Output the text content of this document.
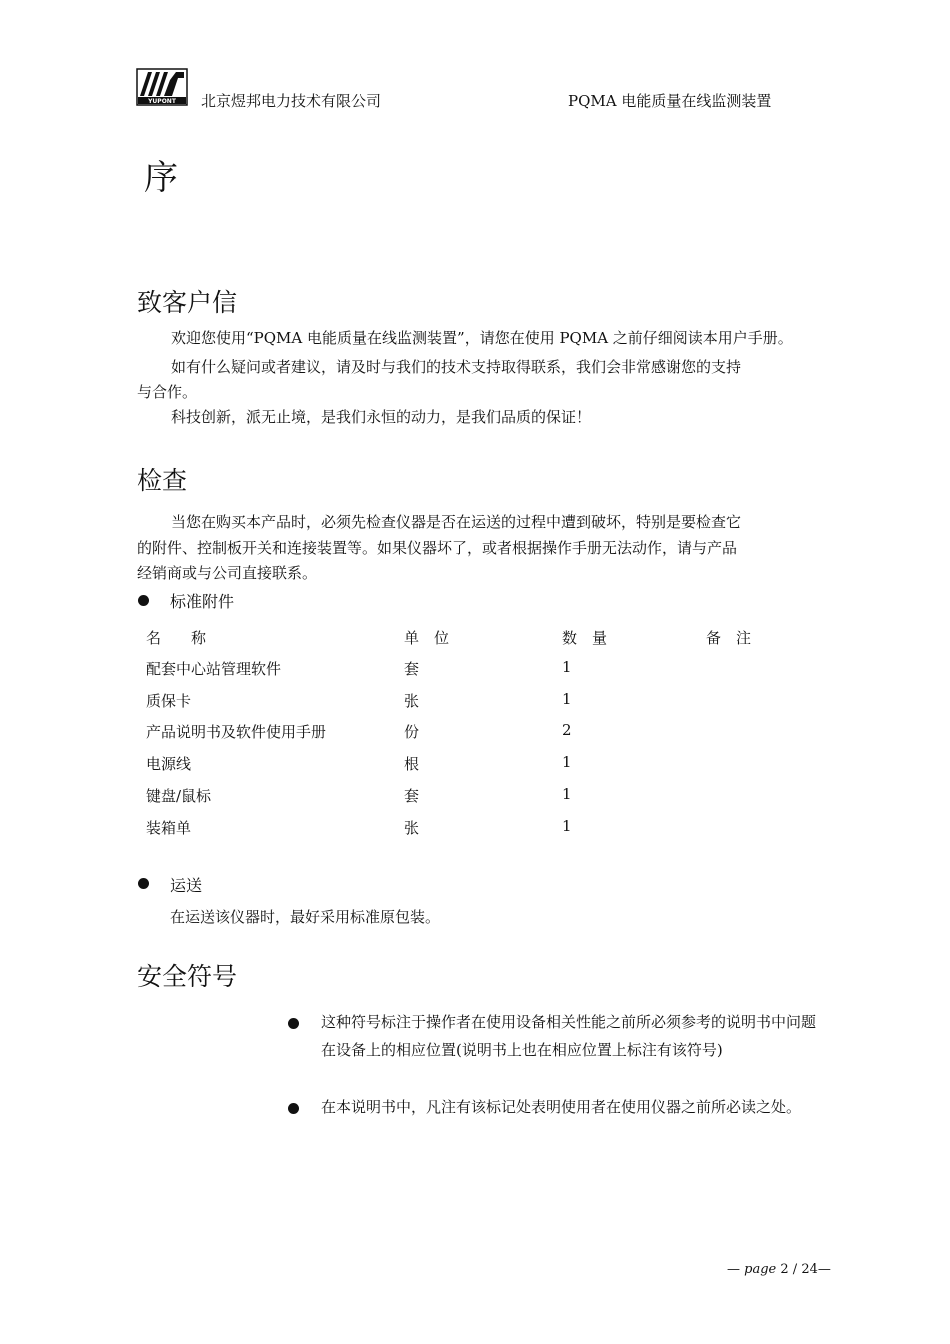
YUPONT 北京煜邦电力技术有限公司	PQMA 电能质量在线监测装置
序
致客户信
欢迎您使用“PQMA 电能质量在线监测装置”，请您在使用 PQMA 之前仔细阅读本用户手册。
如有什么疑问或者建议，请及时与我们的技术支持取得联系，我们会非常感谢您的支持
与合作。
科技创新，派无止境，是我们永恒的动力，是我们品质的保证！
检查
当您在购买本产品时，必须先检查仪器是否在运送的过程中遭到破坏，特别是要检查它
的附件、控制板开关和连接装置等。如果仪器坏了，或者根据操作手册无法动作，请与产品
经销商或与公司直接联系。
标准附件
名　　称	单　位	数　量	备　注
配套中心站管理软件	套	1
质保卡	张	1
产品说明书及软件使用手册	份	2
电源线	根	1
键盘/鼠标	套	1
装箱单	张	1
运送
在运送该仪器时，最好采用标准原包装。
安全符号
这种符号标注于操作者在使用设备相关性能之前所必须参考的说明书中问题在设备上的相应位置(说明书上也在相应位置上标注有该符号)
在本说明书中，凡注有该标记处表明使用者在使用仪器之前所必读之处。
— page 2 / 24—
